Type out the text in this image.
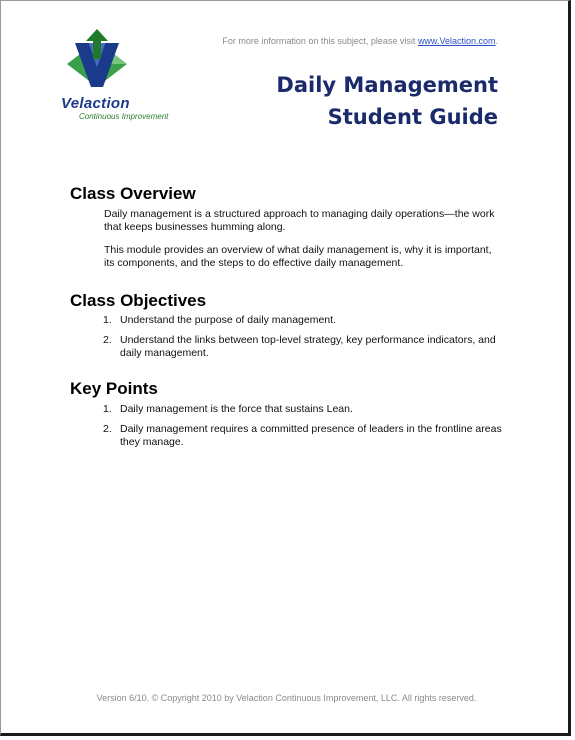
Velaction
Continuous Improvement
For more information on this subject, please visit www.Velaction.com.
Daily Management
Student Guide
Class Overview

Daily management is a structured approach to managing daily operations—the work that keeps businesses humming along.

This module provides an overview of what daily management is, why it is important, its components, and the steps to do effective daily management.

Class Objectives
1. Understand the purpose of daily management.
2. Understand the links between top-level strategy, key performance indicators, and daily management.
Key Points
1. Daily management is the force that sustains Lean.
2. Daily management requires a committed presence of leaders in the frontline areas they manage.
Version 6/10. © Copyright 2010 by Velaction Continuous Improvement, LLC. All rights reserved.
